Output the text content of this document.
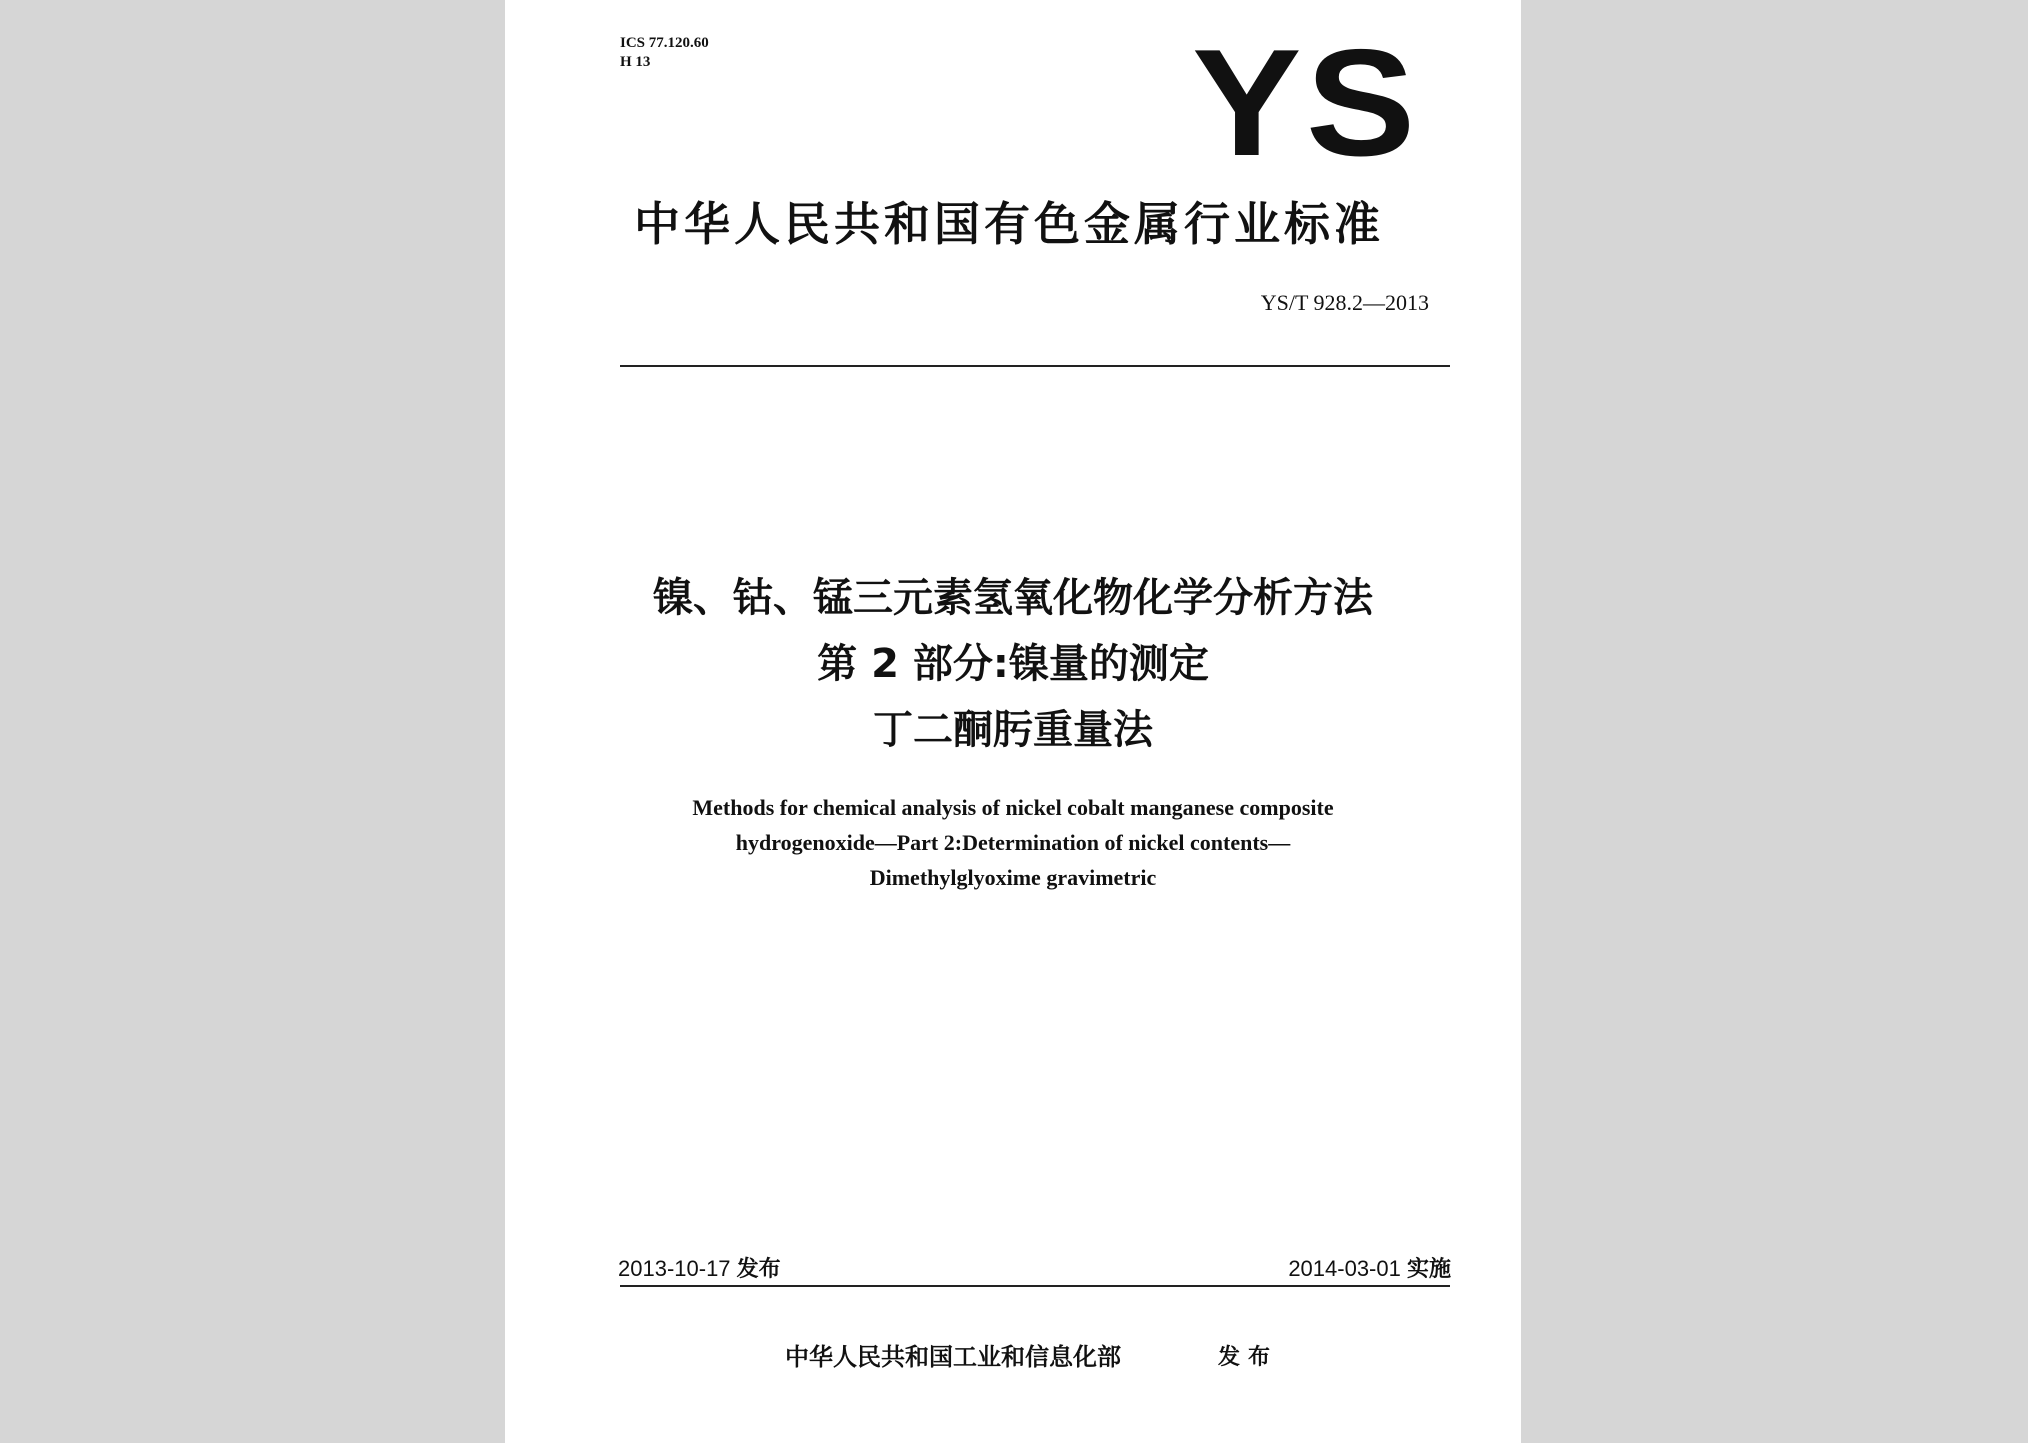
ICS 77.120.60
H 13	YS
中华人民共和国有色金属行业标准
YS/T 928.2—2013
镍、钴、锰三元素氢氧化物化学分析方法
第 2 部分:镍量的测定
丁二酮肟重量法
Methods for chemical analysis of nickel cobalt manganese composite
hydrogenoxide—Part 2:Determination of nickel contents—
Dimethylglyoxime gravimetric
2013-10-17 发布	2014-03-01 实施
中华人民共和国工业和信息化部	发布
